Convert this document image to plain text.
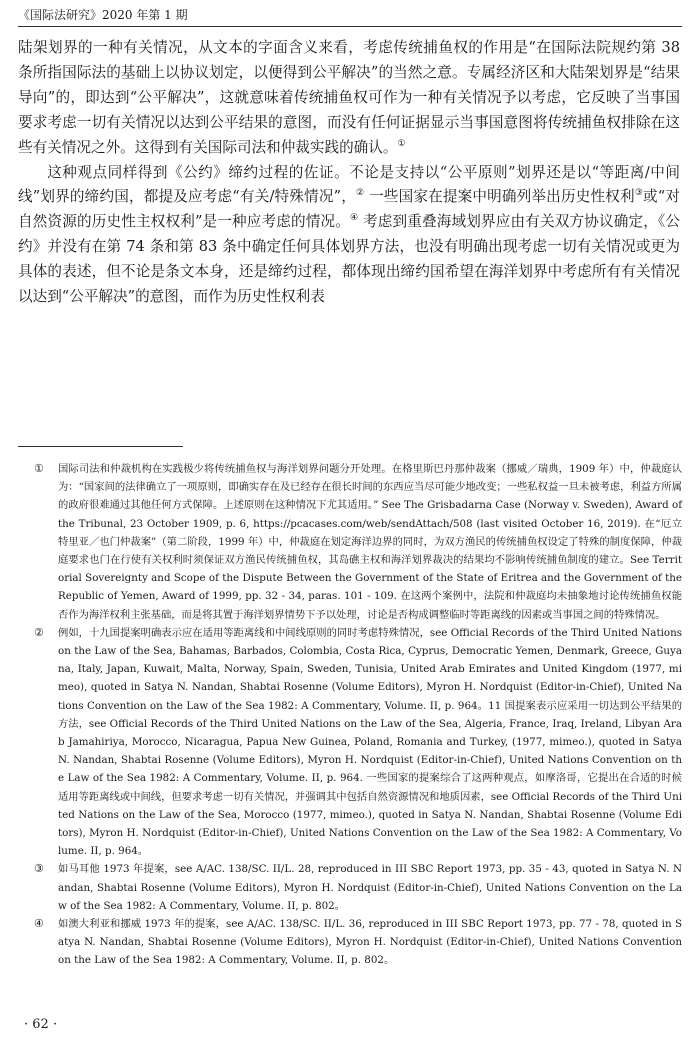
《国际法研究》2020 年第 1 期

陆架划界的一种有关情况，从文本的字面含义来看，考虑传统捕鱼权的作用是“在国际法院规约第 38 条所指国际法的基础上以协议划定，以便得到公平解决”的当然之意。专属经济区和大陆架划界是“结果导向”的，即达到“公平解决”，这就意味着传统捕鱼权可作为一种有关情况予以考虑，它反映了当事国要求考虑一切有关情况以达到公平结果的意图，而没有任何证据显示当事国意图将传统捕鱼权排除在这些有关情况之外。这得到有关国际司法和仲裁实践的确认。①

这种观点同样得到《公约》缔约过程的佐证。不论是支持以“公平原则”划界还是以“等距离/中间线”划界的缔约国，都提及应考虑“有关/特殊情况”，② 一些国家在提案中明确列举出历史性权利③或“对自然资源的历史性主权权利”是一种应考虑的情况。④ 考虑到重叠海域划界应由有关双方协议确定，《公约》并没有在第 74 条和第 83 条中确定任何具体划界方法，也没有明确出现考虑一切有关情况或更为具体的表述，但不论是条文本身，还是缔约过程，都体现出缔约国希望在海洋划界中考虑所有有关情况以达到“公平解决”的意图，而作为历史性权利表

① 国际司法和仲裁机构在实践极少将传统捕鱼权与海洋划界问题分开处理。在格里斯巴丹那仲裁案（挪威／瑞典，1909 年）中，仲裁庭认为：“国家间的法律确立了一项原则，即确实存在及已经存在很长时间的东西应当尽可能少地改变；一些私权益一旦未被考虑，利益方所属的政府很难通过其他任何方式保障。上述原则在这种情况下尤其适用。” See The Grisbadarna Case (Norway v. Sweden), Award of the Tribunal, 23 October 1909, p. 6, https://pcacases.com/web/sendAttach/508 (last visited October 16, 2019). 在“厄立特里亚／也门仲裁案”（第二阶段，1999 年）中，仲裁庭在划定海洋边界的同时，为双方渔民的传统捕鱼权设定了特殊的制度保障，仲裁庭要求也门在行使有关权利时须保证双方渔民传统捕鱼权，其岛礁主权和海洋划界裁决的结果均不影响传统捕鱼制度的建立。See Territorial Sovereignty and Scope of the Dispute Between the Government of the State of Eritrea and the Government of the Republic of Yemen, Award of 1999, pp. 32 - 34, paras. 101 - 109. 在这两个案例中，法院和仲裁庭均未抽象地讨论传统捕鱼权能否作为海洋权利主张基础，而是将其置于海洋划界情势下予以处理，讨论是否构成调整临时等距离线的因素或当事国之间的特殊情况。

② 例如，十九国提案明确表示应在适用等距离线和中间线原则的同时考虑特殊情况，see Official Records of the Third United Nations on the Law of the Sea, Bahamas, Barbados, Colombia, Costa Rica, Cyprus, Democratic Yemen, Denmark, Greece, Guyana, Italy, Japan, Kuwait, Malta, Norway, Spain, Sweden, Tunisia, United Arab Emirates and United Kingdom (1977, mimeo), quoted in Satya N. Nandan, Shabtai Rosenne (Volume Editors), Myron H. Nordquist (Editor-in-Chief), United Nations Convention on the Law of the Sea 1982: A Commentary, Volume. II, p. 964。11 国提案表示应采用一切达到公平结果的方法，see Official Records of the Third United Nations on the Law of the Sea, Algeria, France, Iraq, Ireland, Libyan Arab Jamahiriya, Morocco, Nicaragua, Papua New Guinea, Poland, Romania and Turkey, (1977, mimeo.), quoted in Satya N. Nandan, Shabtai Rosenne (Volume Editors), Myron H. Nordquist (Editor-in-Chief), United Nations Convention on the Law of the Sea 1982: A Commentary, Volume. II, p. 964. 一些国家的提案综合了这两种观点，如摩洛哥，它提出在合适的时候适用等距离线或中间线，但要求考虑一切有关情况，并强调其中包括自然资源情况和地质因素，see Official Records of the Third United Nations on the Law of the Sea, Morocco (1977, mimeo.), quoted in Satya N. Nandan, Shabtai Rosenne (Volume Editors), Myron H. Nordquist (Editor-in-Chief), United Nations Convention on the Law of the Sea 1982: A Commentary, Volume. II, p. 964。

③ 如马耳他 1973 年提案，see A/AC. 138/SC. II/L. 28, reproduced in III SBC Report 1973, pp. 35 - 43, quoted in Satya N. Nandan, Shabtai Rosenne (Volume Editors), Myron H. Nordquist (Editor-in-Chief), United Nations Convention on the Law of the Sea 1982: A Commentary, Volume. II, p. 802。

④ 如澳大利亚和挪威 1973 年的提案，see A/AC. 138/SC. II/L. 36, reproduced in III SBC Report 1973, pp. 77 - 78, quoted in Satya N. Nandan, Shabtai Rosenne (Volume Editors), Myron H. Nordquist (Editor-in-Chief), United Nations Convention on the Law of the Sea 1982: A Commentary, Volume. II, p. 802。

· 62 ·
